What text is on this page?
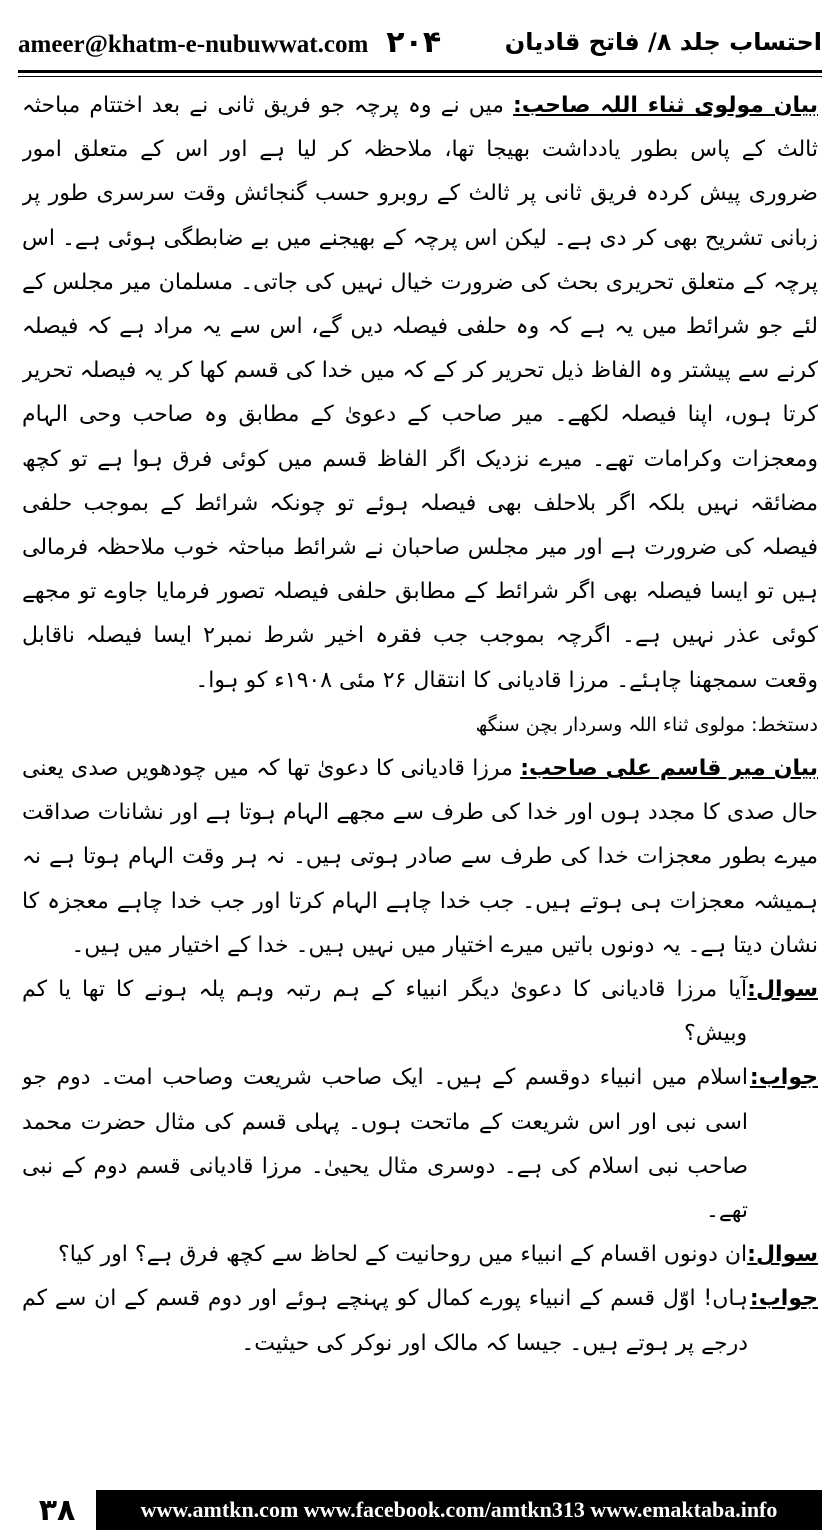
ameer@khatm-e-nubuwwat.com ۲۰۴	احتساب جلد ۸/ فاتح قادیان

بیان مولوی ثناء اللہ صاحب: میں نے وہ پرچہ جو فریق ثانی نے بعد اختتام مباحثہ ثالث کے پاس بطور یادداشت بھیجا تھا، ملاحظہ کر لیا ہے اور اس کے متعلق امور ضروری پیش کردہ فریق ثانی پر ثالث کے روبرو حسب گنجائش وقت سرسری طور پر زبانی تشریح بھی کر دی ہے۔ لیکن اس پرچہ کے بھیجنے میں بے ضابطگی ہوئی ہے۔ اس پرچہ کے متعلق تحریری بحث کی ضرورت خیال نہیں کی جاتی۔ مسلمان میر مجلس کے لئے جو شرائط میں یہ ہے کہ وہ حلفی فیصلہ دیں گے، اس سے یہ مراد ہے کہ فیصلہ کرنے سے پیشتر وہ الفاظ ذیل تحریر کر کے کہ میں خدا کی قسم کھا کر یہ فیصلہ تحریر کرتا ہوں، اپنا فیصلہ لکھے۔ میر صاحب کے دعویٰ کے مطابق وہ صاحب وحی الہام ومعجزات وکرامات تھے۔ میرے نزدیک اگر الفاظ قسم میں کوئی فرق ہوا ہے تو کچھ مضائقہ نہیں بلکہ اگر بلاحلف بھی فیصلہ ہوئے تو چونکہ شرائط کے بموجب حلفی فیصلہ کی ضرورت ہے اور میر مجلس صاحبان نے شرائط مباحثہ خوب ملاحظہ فرمالی ہیں تو ایسا فیصلہ بھی اگر شرائط کے مطابق حلفی فیصلہ تصور فرمایا جاوے تو مجھے کوئی عذر نہیں ہے۔ اگرچہ بموجب جب فقرہ اخیر شرط نمبر۲ ایسا فیصلہ ناقابل وقعت سمجھنا چاہئے۔ مرزا قادیانی کا انتقال ۲۶ مئی ۱۹۰۸ء کو ہوا۔

دستخط: مولوی ثناء اللہ وسردار بچن سنگھ

بیان میر قاسم علی صاحب: مرزا قادیانی کا دعویٰ تھا کہ میں چودھویں صدی یعنی حال صدی کا مجدد ہوں اور خدا کی طرف سے مجھے الہام ہوتا ہے اور نشانات صداقت میرے بطور معجزات خدا کی طرف سے صادر ہوتی ہیں۔ نہ ہر وقت الہام ہوتا ہے نہ ہمیشہ معجزات ہی ہوتے ہیں۔ جب خدا چاہے الہام کرتا اور جب خدا چاہے معجزہ کا نشان دیتا ہے۔ یہ دونوں باتیں میرے اختیار میں نہیں ہیں۔ خدا کے اختیار میں ہیں۔

سوال:
آیا مرزا قادیانی کا دعویٰ دیگر انبیاء کے ہم رتبہ وہم پلہ ہونے کا تھا یا کم وبیش؟
جواب:
اسلام میں انبیاء دوقسم کے ہیں۔ ایک صاحب شریعت وصاحب امت۔ دوم جو اسی نبی اور اس شریعت کے ماتحت ہوں۔ پہلی قسم کی مثال حضرت محمد صاحب نبی اسلام کی ہے۔ دوسری مثال یحییٰ۔ مرزا قادیانی قسم دوم کے نبی تھے۔
سوال:
ان دونوں اقسام کے انبیاء میں روحانیت کے لحاظ سے کچھ فرق ہے؟ اور کیا؟
جواب:
ہاں! اوّل قسم کے انبیاء پورے کمال کو پہنچے ہوئے اور دوم قسم کے ان سے کم درجے پر ہوتے ہیں۔ جیسا کہ مالک اور نوکر کی حیثیت۔
۳۸	www.amtkn.com www.facebook.com/amtkn313 www.emaktaba.info
